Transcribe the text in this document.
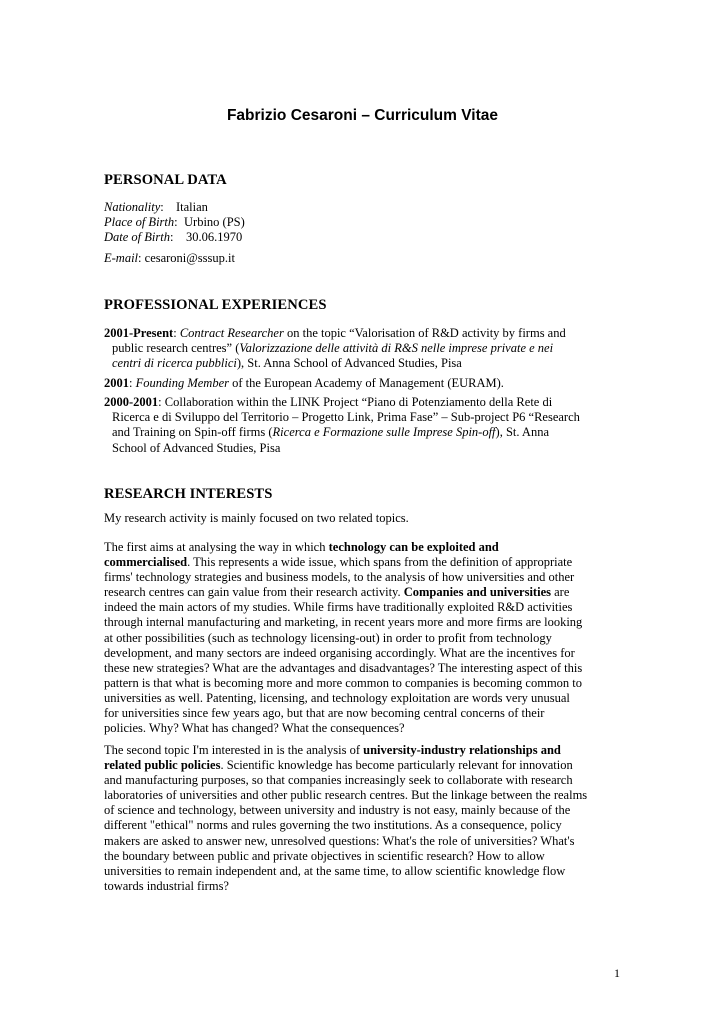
Fabrizio Cesaroni – Curriculum Vitae
PERSONAL DATA
Nationality: Italian
Place of Birth: Urbino (PS)
Date of Birth: 30.06.1970
E-mail: cesaroni@sssup.it
PROFESSIONAL EXPERIENCES
2001-Present: Contract Researcher on the topic “Valorisation of R&D activity by firms and
public research centres” (Valorizzazione delle attività di R&S nelle imprese private e nei
centri di ricerca pubblici), St. Anna School of Advanced Studies, Pisa
2001: Founding Member of the European Academy of Management (EURAM).
2000-2001: Collaboration within the LINK Project “Piano di Potenziamento della Rete di
Ricerca e di Sviluppo del Territorio – Progetto Link, Prima Fase” – Sub-project P6 “Research
and Training on Spin-off firms (Ricerca e Formazione sulle Imprese Spin-off), St. Anna
School of Advanced Studies, Pisa
RESEARCH INTERESTS
My research activity is mainly focused on two related topics.
The first aims at analysing the way in which technology can be exploited and
commercialised. This represents a wide issue, which spans from the definition of appropriate
firms' technology strategies and business models, to the analysis of how universities and other
research centres can gain value from their research activity. Companies and universities are
indeed the main actors of my studies. While firms have traditionally exploited R&D activities
through internal manufacturing and marketing, in recent years more and more firms are looking
at other possibilities (such as technology licensing-out) in order to profit from technology
development, and many sectors are indeed organising accordingly. What are the incentives for
these new strategies? What are the advantages and disadvantages? The interesting aspect of this
pattern is that what is becoming more and more common to companies is becoming common to
universities as well. Patenting, licensing, and technology exploitation are words very unusual
for universities since few years ago, but that are now becoming central concerns of their
policies. Why? What has changed? What the consequences?
The second topic I'm interested in is the analysis of university-industry relationships and
related public policies. Scientific knowledge has become particularly relevant for innovation
and manufacturing purposes, so that companies increasingly seek to collaborate with research
laboratories of universities and other public research centres. But the linkage between the realms
of science and technology, between university and industry is not easy, mainly because of the
different "ethical" norms and rules governing the two institutions. As a consequence, policy
makers are asked to answer new, unresolved questions: What's the role of universities? What's
the boundary between public and private objectives in scientific research? How to allow
universities to remain independent and, at the same time, to allow scientific knowledge flow
towards industrial firms?
1
